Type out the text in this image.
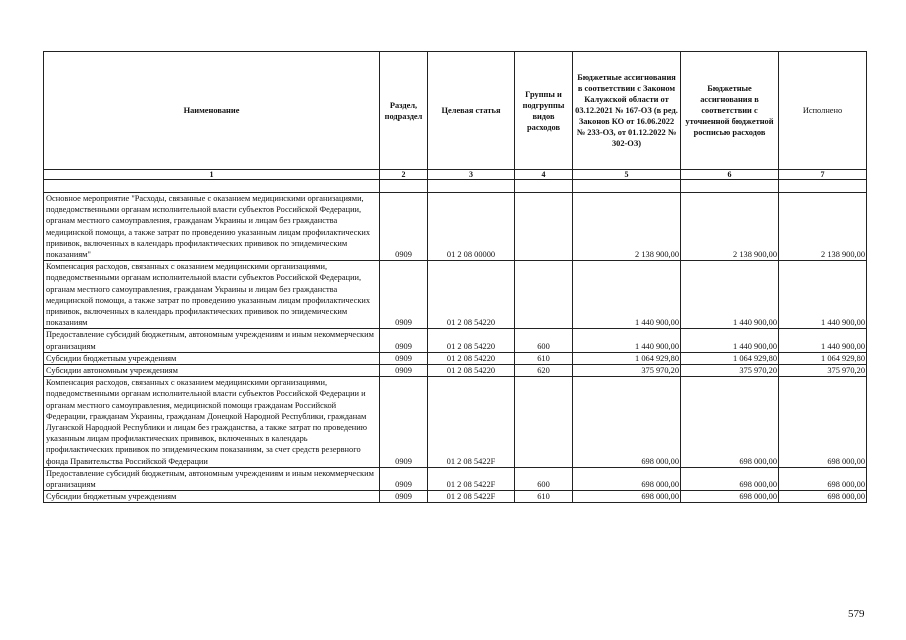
Наименование	Раздел, подраздел	Целевая статья	Группы и подгруппы видов расходов	Бюджетные ассигнования в соответствии с Законом Калужской области от 03.12.2021 № 167-ОЗ (в ред. Законов КО от 16.06.2022 № 233-ОЗ, от 01.12.2022 № 302-ОЗ)	Бюджетные ассигнования в соответствии с уточненной бюджетной росписью расходов	Исполнено
1	2	3	4	5	6	7

Основное мероприятие "Расходы, связанные с оказанием медицинскими организациями, подведомственными органам исполнительной власти субъектов Российской Федерации, органам местного самоуправления, гражданам Украины и лицам без гражданства медицинской помощи, а также затрат по проведению указанным лицам профилактических прививок, включенных в календарь профилактических прививок по эпидемическим показаниям"	0909	01 2 08 00000		2 138 900,00	2 138 900,00	2 138 900,00
Компенсация расходов, связанных с оказанием медицинскими организациями, подведомственными органам исполнительной власти субъектов Российской Федерации, органам местного самоуправления, гражданам Украины и лицам без гражданства медицинской помощи, а также затрат по проведению указанным лицам профилактических прививок, включенных в календарь профилактических прививок по эпидемическим показаниям	0909	01 2 08 54220		1 440 900,00	1 440 900,00	1 440 900,00
Предоставление субсидий бюджетным, автономным учреждениям и иным некоммерческим организациям	0909	01 2 08 54220	600	1 440 900,00	1 440 900,00	1 440 900,00
Субсидии бюджетным учреждениям	0909	01 2 08 54220	610	1 064 929,80	1 064 929,80	1 064 929,80
Субсидии автономным учреждениям	0909	01 2 08 54220	620	375 970,20	375 970,20	375 970,20
Компенсация расходов, связанных с оказанием медицинскими организациями, подведомственными органам исполнительной власти субъектов Российской Федерации и органам местного самоуправления, медицинской помощи гражданам Российской Федерации, гражданам Украины, гражданам Донецкой Народной Республики, гражданам Луганской Народной Республики и лицам без гражданства, а также затрат по проведению указанным лицам профилактических прививок, включенных в календарь профилактических прививок по эпидемическим показаниям, за счет средств резервного фонда Правительства Российской Федерации	0909	01 2 08 5422F		698 000,00	698 000,00	698 000,00
Предоставление субсидий бюджетным, автономным учреждениям и иным некоммерческим организациям	0909	01 2 08 5422F	600	698 000,00	698 000,00	698 000,00
Субсидии бюджетным учреждениям	0909	01 2 08 5422F	610	698 000,00	698 000,00	698 000,00
579
